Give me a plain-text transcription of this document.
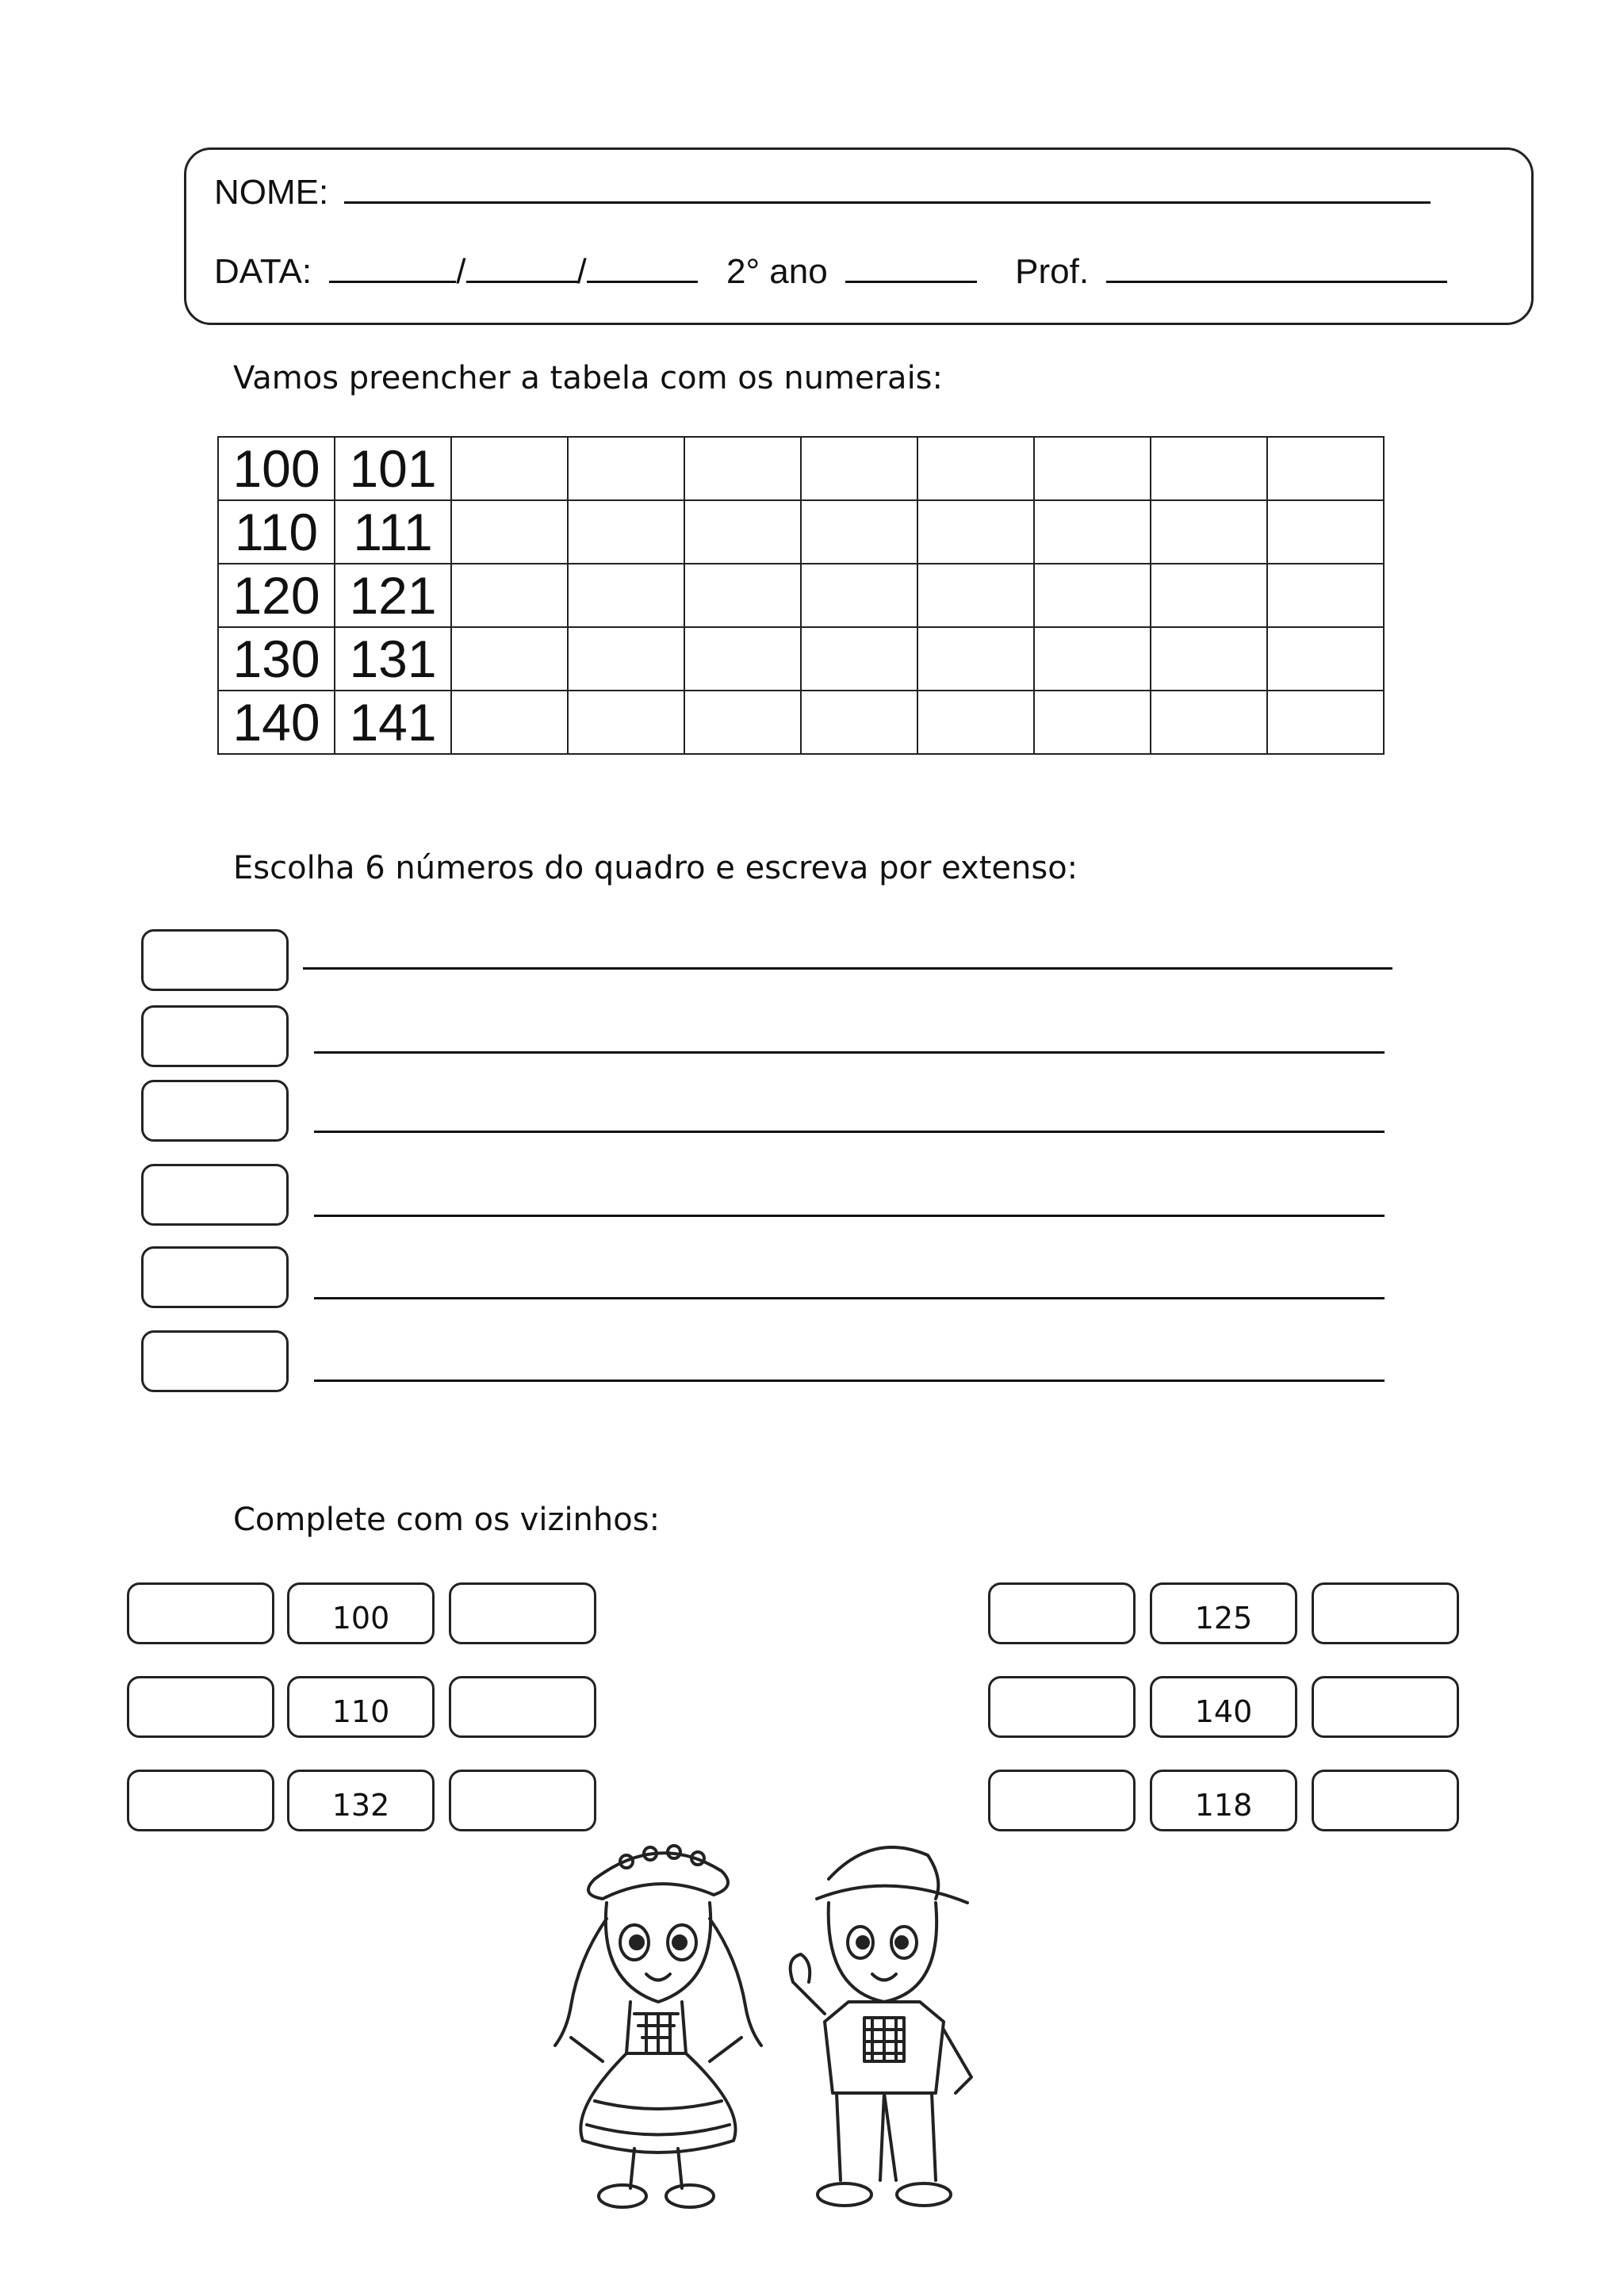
NOME:
DATA:	/	/	2° ano	Prof.
Vamos preencher a tabela com os numerais:
100	101								
110	111								
120	121								
130	131								
140	141								
Escolha 6 números do quadro e escreva por extenso:
Complete com os vizinhos:
100
110
132
125
140
118
